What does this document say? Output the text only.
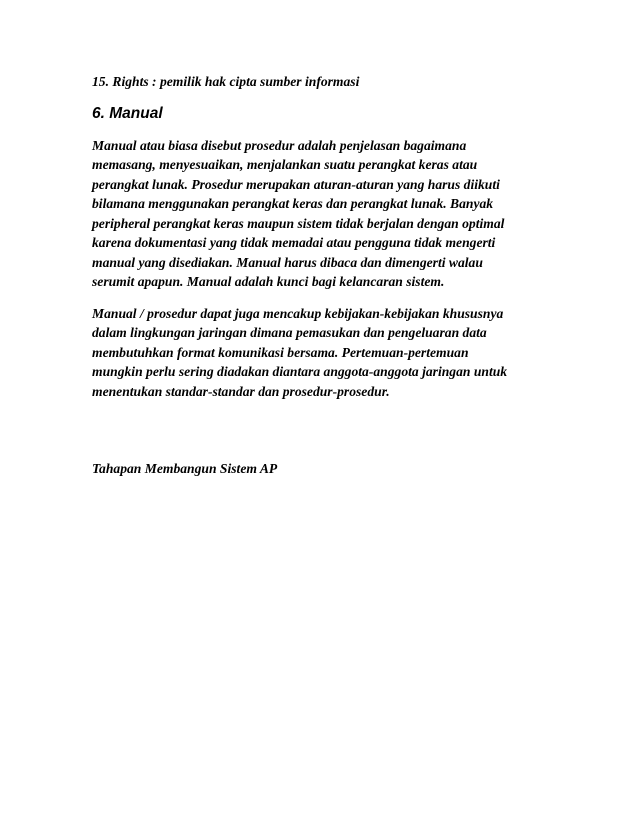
15. Rights : pemilik hak cipta sumber informasi

6. Manual

Manual atau biasa disebut prosedur adalah penjelasan bagaimana
memasang, menyesuaikan, menjalankan suatu perangkat keras atau
perangkat lunak. Prosedur merupakan aturan-aturan yang harus diikuti
bilamana menggunakan perangkat keras dan perangkat lunak. Banyak
peripheral perangkat keras maupun sistem tidak berjalan dengan optimal
karena dokumentasi yang tidak memadai atau pengguna tidak mengerti
manual yang disediakan. Manual harus dibaca dan dimengerti walau
serumit apapun. Manual adalah kunci bagi kelancaran sistem.

Manual / prosedur dapat juga mencakup kebijakan-kebijakan khususnya
dalam lingkungan jaringan dimana pemasukan dan pengeluaran data
membutuhkan format komunikasi bersama. Pertemuan-pertemuan
mungkin perlu sering diadakan diantara anggota-anggota jaringan untuk
menentukan standar-standar dan prosedur-prosedur.

Tahapan Membangun Sistem AP
